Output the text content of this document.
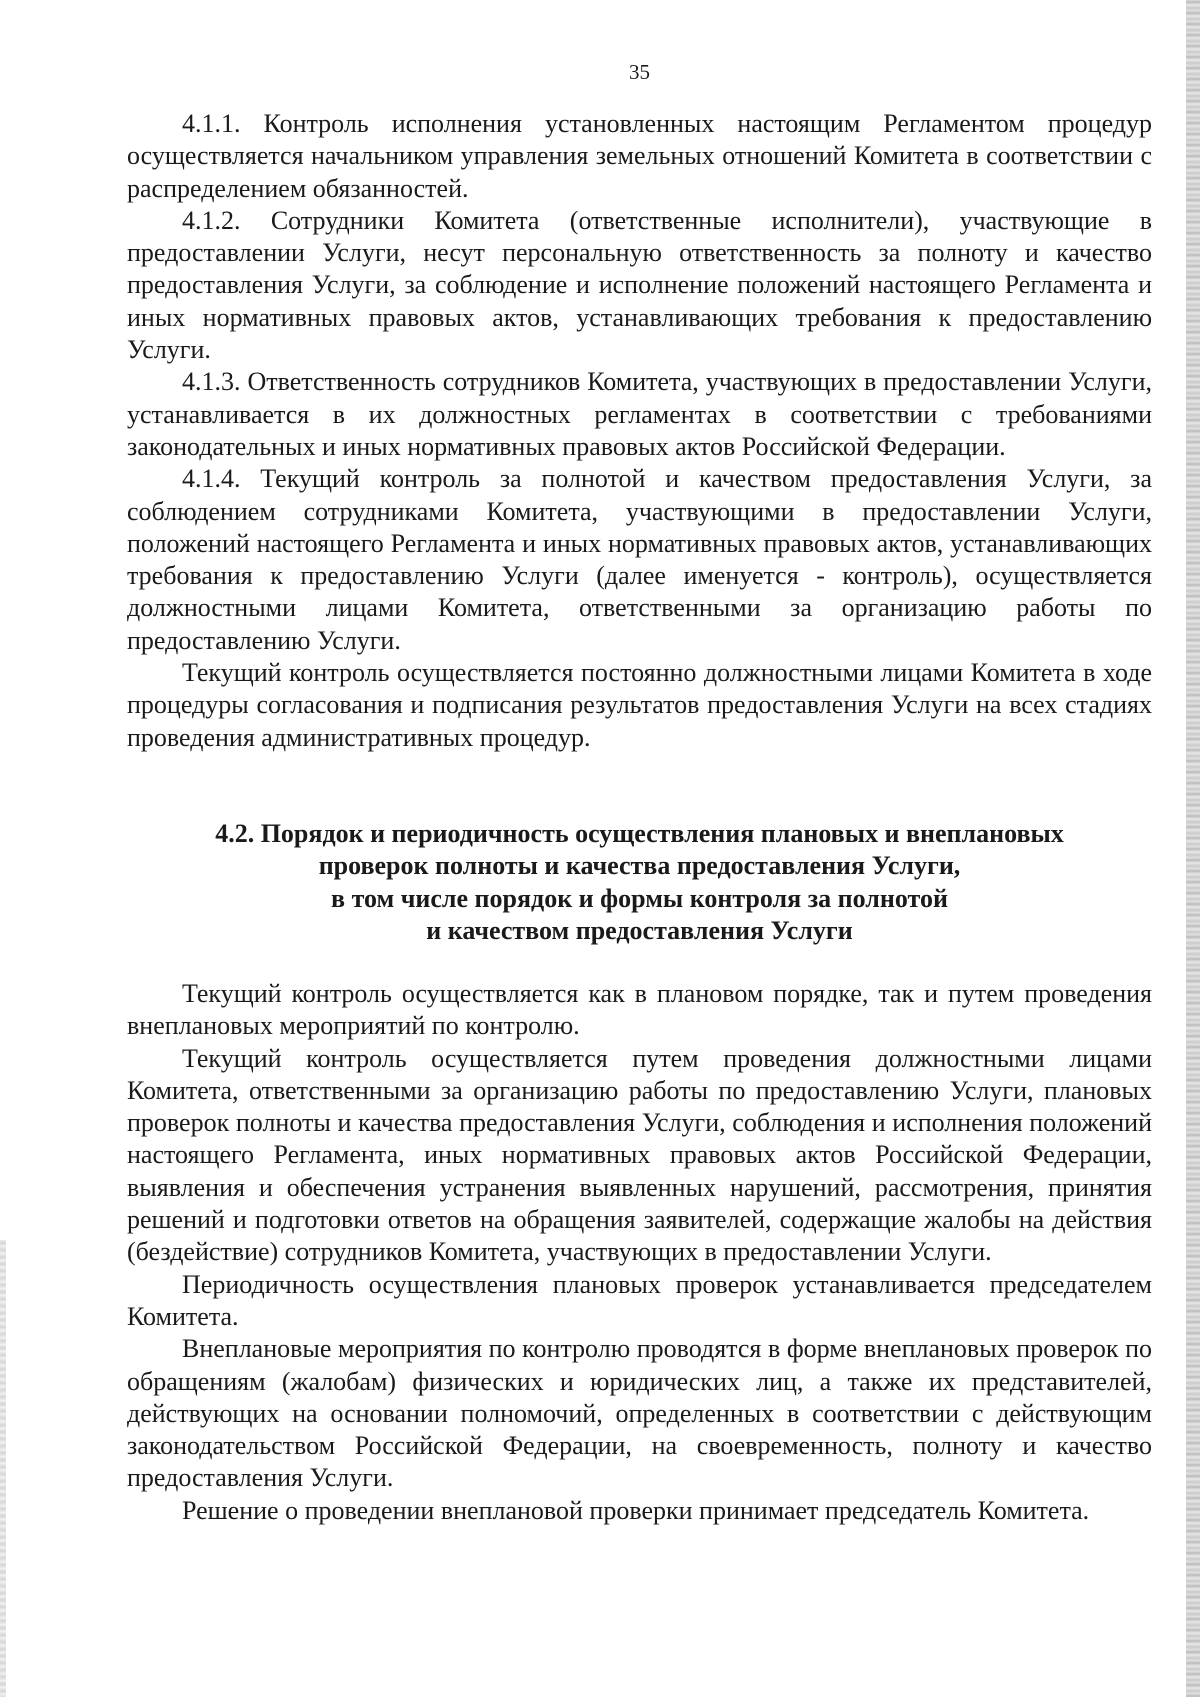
35

4.1.1. Контроль исполнения установленных настоящим Регламентом процедур осуществляется начальником управления земельных отношений Комитета в соответствии с распределением обязанностей.

4.1.2. Сотрудники Комитета (ответственные исполнители), участвующие в предоставлении Услуги, несут персональную ответственность за полноту и качество предоставления Услуги, за соблюдение и исполнение положений настоящего Регламента и иных нормативных правовых актов, устанавливающих требования к предоставлению Услуги.

4.1.3. Ответственность сотрудников Комитета, участвующих в предоставлении Услуги, устанавливается в их должностных регламентах в соответствии с требованиями законодательных и иных нормативных правовых актов Российской Федерации.

4.1.4. Текущий контроль за полнотой и качеством предоставления Услуги, за соблюдением сотрудниками Комитета, участвующими в предоставлении Услуги, положений настоящего Регламента и иных нормативных правовых актов, устанавливающих требования к предоставлению Услуги (далее именуется - контроль), осуществляется должностными лицами Комитета, ответственными за организацию работы по предоставлению Услуги.

Текущий контроль осуществляется постоянно должностными лицами Комитета в ходе процедуры согласования и подписания результатов предоставления Услуги на всех стадиях проведения административных процедур.

4.2. Порядок и периодичность осуществления плановых и внеплановых
проверок полноты и качества предоставления Услуги,
в том числе порядок и формы контроля за полнотой
и качеством предоставления Услуги

Текущий контроль осуществляется как в плановом порядке, так и путем проведения внеплановых мероприятий по контролю.

Текущий контроль осуществляется путем проведения должностными лицами Комитета, ответственными за организацию работы по предоставлению Услуги, плановых проверок полноты и качества предоставления Услуги, соблюдения и исполнения положений настоящего Регламента, иных нормативных правовых актов Российской Федерации, выявления и обеспечения устранения выявленных нарушений, рассмотрения, принятия решений и подготовки ответов на обращения заявителей, содержащие жалобы на действия (бездействие) сотрудников Комитета, участвующих в предоставлении Услуги.

Периодичность осуществления плановых проверок устанавливается председателем Комитета.

Внеплановые мероприятия по контролю проводятся в форме внеплановых проверок по обращениям (жалобам) физических и юридических лиц, а также их представителей, действующих на основании полномочий, определенных в соответствии с действующим законодательством Российской Федерации, на своевременность, полноту и качество предоставления Услуги.

Решение о проведении внеплановой проверки принимает председатель Комитета.
